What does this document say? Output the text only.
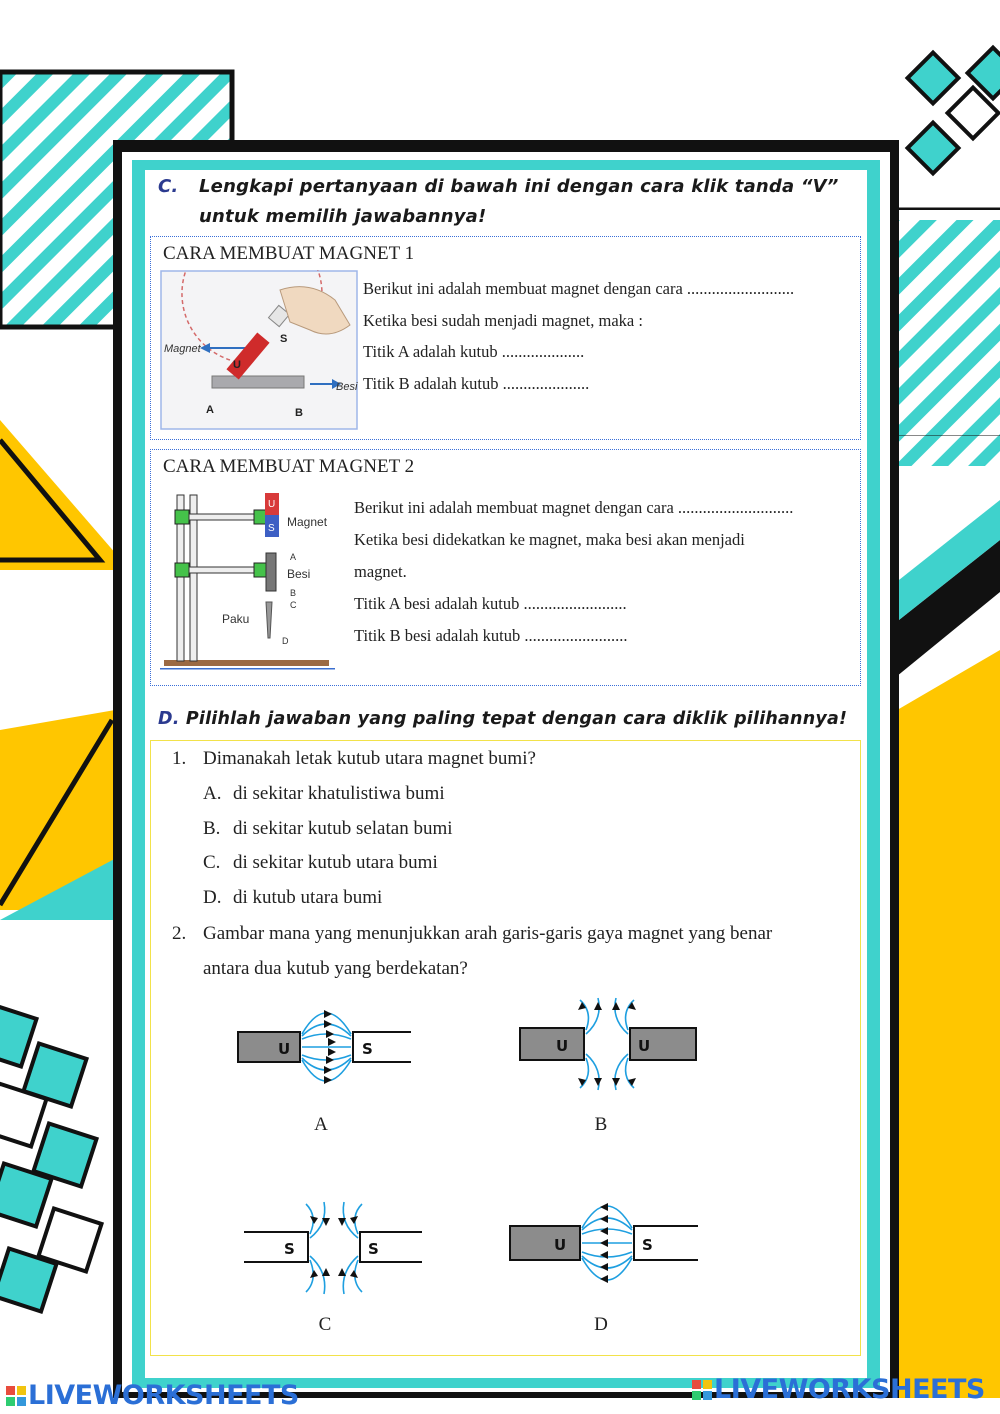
C. Lengkapi pertanyaan di bawah ini dengan cara klik tanda “V”
untuk memilih jawabannya!
CARA MEMBUAT MAGNET 1
Magnet
Besi
U
S
A	B
Berikut ini adalah membuat magnet dengan cara ..........................
Ketika besi sudah menjadi magnet, maka :
Titik A adalah kutub ....................
Titik B adalah kutub .....................
CARA MEMBUAT MAGNET 2
U
S Magnet
A
Besi
B
C
Paku
D
Berikut ini adalah membuat magnet dengan cara ............................
Ketika besi didekatkan ke magnet, maka besi akan menjadi
magnet.
Titik A besi adalah kutub .........................
Titik B besi adalah kutub .........................
D. Pilihlah jawaban yang paling tepat dengan cara diklik pilihannya!
1. Dimanakah letak kutub utara magnet bumi?
A. di sekitar khatulistiwa bumi
B. di sekitar kutub selatan bumi
C. di sekitar kutub utara bumi
D. di kutub utara bumi
2. Gambar mana yang menunjukkan arah garis-garis gaya magnet yang benar
antara dua kutub yang berdekatan?
U	S
A
U	U
B
S	S
C
U	S
D
LIVEWORKSHEETS	LIVEWORKSHEETS
